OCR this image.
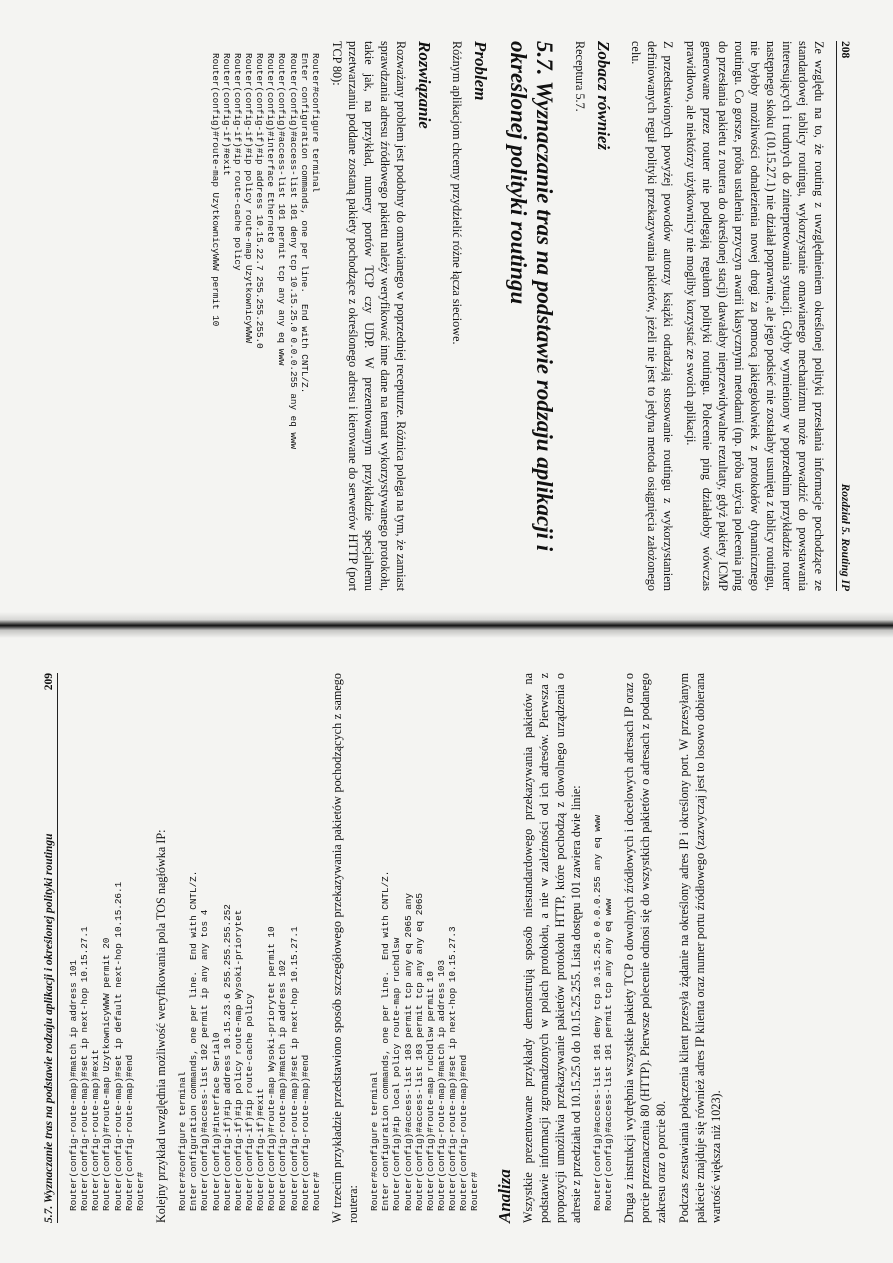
208
Rozdział 5. Routing IP

Ze względu na to, że routing z uwzględnieniem określonej polityki przesłania informacje pochodzące ze standardowej tablicy routingu, wykorzystanie omawianego mechanizmu może prowadzić do powstawania interesujących i trudnych do zinterpretowania sytuacji. Gdyby wymieniony w poprzednim przykładzie router następnego skoku (10.15.27.1) nie działał poprawnie, ale jego podsieć nie zostałaby usunięta z tablicy routingu, nie byłoby możliwości odnalezienia nowej drogi za pomocą jakiegokolwiek z protokołów dynamicznego routingu. Co gorsze, próba ustalenia przyczyn awarii klasycznymi metodami (np. próba użycia polecenia ping do przesłania pakietu z routera do określonej stacji) dawałaby nieprzewidywalne rezultaty, gdyż pakiety ICMP generowane przez router nie podlegają regułom polityki routingu. Polecenie ping działałoby wówczas prawidłowo, ale niektórzy użytkownicy nie mogliby korzystać ze swoich aplikacji.

Z przedstawionych powyżej powodów autorzy książki odradzają stosowanie routingu z wykorzystaniem definiowanych reguł polityki przekazywania pakietów, jeżeli nie jest to jedyna metoda osiągnięcia założonego celu.

Zobacz również

Receptura 5.7.

5.7. Wyznaczanie tras na podstawie rodzaju aplikacji i określonej polityki routingu
Problem

Różnym aplikacjom chcemy przydzielić różne łącza sieciowe.

Rozwiązanie

Rozważany problem jest podobny do omawianego w poprzedniej recepturze. Różnica polega na tym, że zamiast sprawdzania adresu źródłowego pakietu należy weryfikować inne dane na temat wykorzystywanego protokołu, takie jak, na przykład, numery portów TCP czy UDP. W prezentowanym przykładzie specjalnemu przetwarzaniu poddane zostaną pakiety pochodzące z określonego adresu i kierowane do serwerów HTTP (port TCP 80):

Router#configure terminal
Enter configuration commands, one per line.  End with CNTL/Z.
Router(config)#access-list 101 deny tcp 10.15.25.0 0.0.0.255 any eq www
Router(config)#access-list 101 permit tcp any any eq www
Router(config)#interface Ethernet0
Router(config-if)#ip address 10.15.22.7 255.255.255.0
Router(config-if)#ip policy route-map UzytkownicyWWW
Router(config-if)#ip route-cache policy
Router(config-if)#exit
Router(config)#route-map UzytkownicyWWW permit 10
5.7. Wyznaczanie tras na podstawie rodzaju aplikacji i określonej polityki routingu
209
Router(config-route-map)#match ip address 101
Router(config-route-map)#set ip next-hop 10.15.27.1
Router(config-route-map)#exit
Router(config)#route-map UzytkownicyWWW permit 20
Router(config-route-map)#set ip default next-hop 10.15.26.1
Router(config-route-map)#end
Router# Kolejny przykład uwzględnia możliwość weryfikowania pola TOS nagłówka IP: Router#configure terminal
Enter configuration commands, one per line.  End with CNTL/Z.
Router(config)#access-list 102 permit ip any any tos 4
Router(config)#interface Serial0
Router(config-if)#ip address 10.15.23.6 255.255.255.252
Router(config-if)#ip policy route-map Wysoki-priorytet
Router(config-if)#ip route-cache policy
Router(config-if)#exit
Router(config)#route-map Wysoki-priorytet permit 10
Router(config-route-map)#match ip address 102
Router(config-route-map)#set ip next-hop 10.15.27.1
Router(config-route-map)#end
Router# W trzecim przykładzie przedstawiono sposób szczegółowego przekazywania pakietów pochodzących z samego routera: Router#configure terminal
Enter configuration commands, one per line.  End with CNTL/Z.
Router(config)#ip local policy route-map ruchdlsw
Router(config)#access-list 103 permit tcp any eq 2065 any
Router(config)#access-list 103 permit tcp any any eq 2065
Router(config)#route-map ruchdlsw permit 10
Router(config-route-map)#match ip address 103
Router(config-route-map)#set ip next-hop 10.15.27.3
Router(config-route-map)#end
Router# Analiza Wszystkie prezentowane przykłady demonstrują sposób niestandardowego przekazywania pakietów na podstawie informacji zgromadzonych w polach protokołu, a nie w zależności od ich adresów. Pierwsza z propozycji umożliwia przekazywanie pakietów protokołu HTTP, które pochodzą z dowolnego urządzenia o adresie z przedziału od 10.15.25.0 do 10.15.25.255. Lista dostępu 101 zawiera dwie linie: Router(config)#access-list 101 deny tcp 10.15.25.0 0.0.0.255 any eq www
Router(config)#access-list 101 permit tcp any any eq www Druga z instrukcji wydrębnia wszystkie pakiety TCP o dowolnych źródłowych i docelowych adresach IP oraz o porcie przeznaczenia 80 (HTTP). Pierwsze polecenie odnosi się do wszystkich pakietów o adresach z podanego zakresu oraz o porcie 80. Podczas zestawiania połączenia klient przesyła żądanie na określony adres IP i określony port. W przesyłanym pakiecie znajduje się również adres IP klienta oraz numer portu źródłowego (zazwyczaj jest to losowo dobierana wartość większa niż 1023).
